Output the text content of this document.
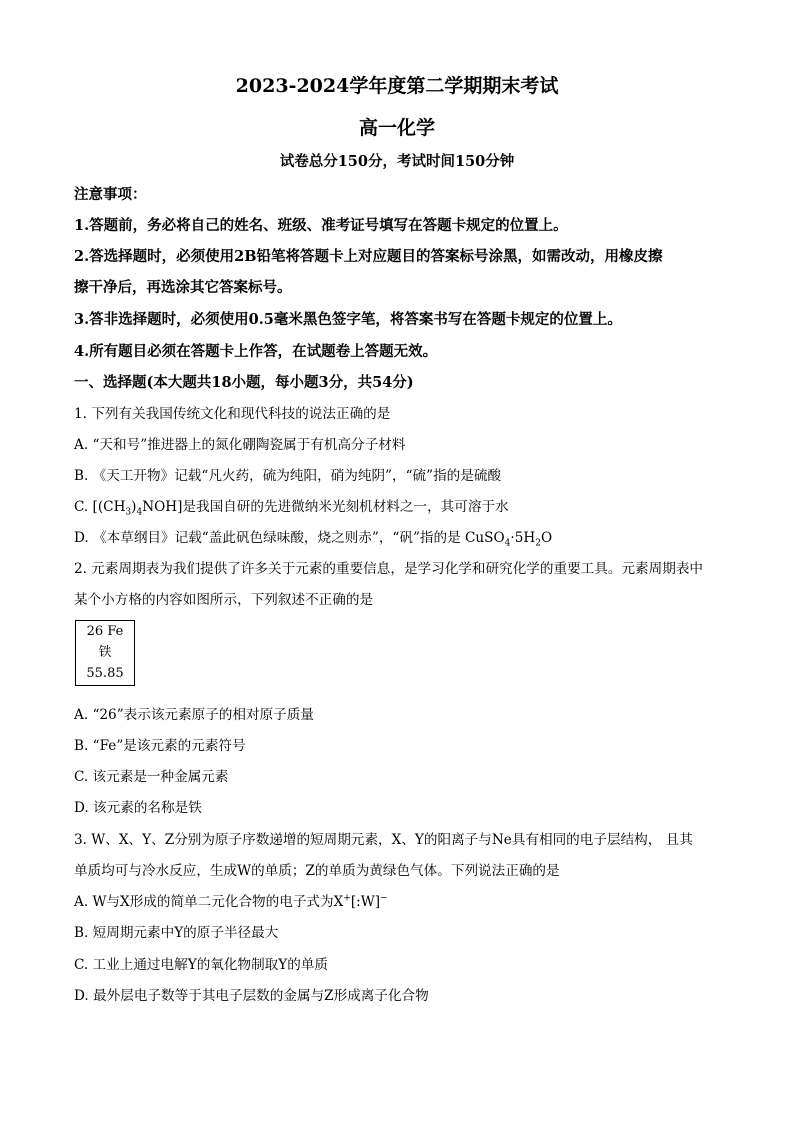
2023-2024学年度第二学期期末考试
高一化学
试卷总分150分，考试时间150分钟
注意事项：
1.答题前，务必将自己的姓名、班级、准考证号填写在答题卡规定的位置上。
2.答选择题时，必须使用2B铅笔将答题卡上对应题目的答案标号涂黑，如需改动，用橡皮擦
擦干净后，再选涂其它答案标号。
3.答非选择题时，必须使用0.5毫米黑色签字笔，将答案书写在答题卡规定的位置上。
4.所有题目必须在答题卡上作答，在试题卷上答题无效。
一、选择题(本大题共18小题，每小题3分，共54分)
1. 下列有关我国传统文化和现代科技的说法正确的是
A. “天和号”推进器上的氮化硼陶瓷属于有机高分子材料
B. 《天工开物》记载“凡火药，硫为纯阳，硝为纯阴”，“硫”指的是硫酸
C. $[(CH_3)_4NOH]$是我国自研的先进微纳米光刻机材料之一，其可溶于水
D. 《本草纲目》记载“盖此矾色绿味酸，烧之则赤”，“矾”指的是 $CuSO_4\cdot 5H_2O$
2. 元素周期表为我们提供了许多关于元素的重要信息，是学习化学和研究化学的重要工具。元素周期表中
某个小方格的内容如图所示，下列叙述不正确的是
26 Fe
铁
55.85
A. “26”表示该元素原子的相对原子质量
B. “Fe”是该元素的元素符号
C. 该元素是一种金属元素
D. 该元素的名称是铁
3. W、X、Y、Z分别为原子序数递增的短周期元素，X、Y的阳离子与Ne具有相同的电子层结构， 且其
单质均可与冷水反应，生成W的单质；Z的单质为黄绿色气体。下列说法正确的是
A. W与X形成的简单二元化合物的电子式为X+[:W]−
B. 短周期元素中Y的原子半径最大
C. 工业上通过电解Y的氧化物制取Y的单质
D. 最外层电子数等于其电子层数的金属与Z形成离子化合物
